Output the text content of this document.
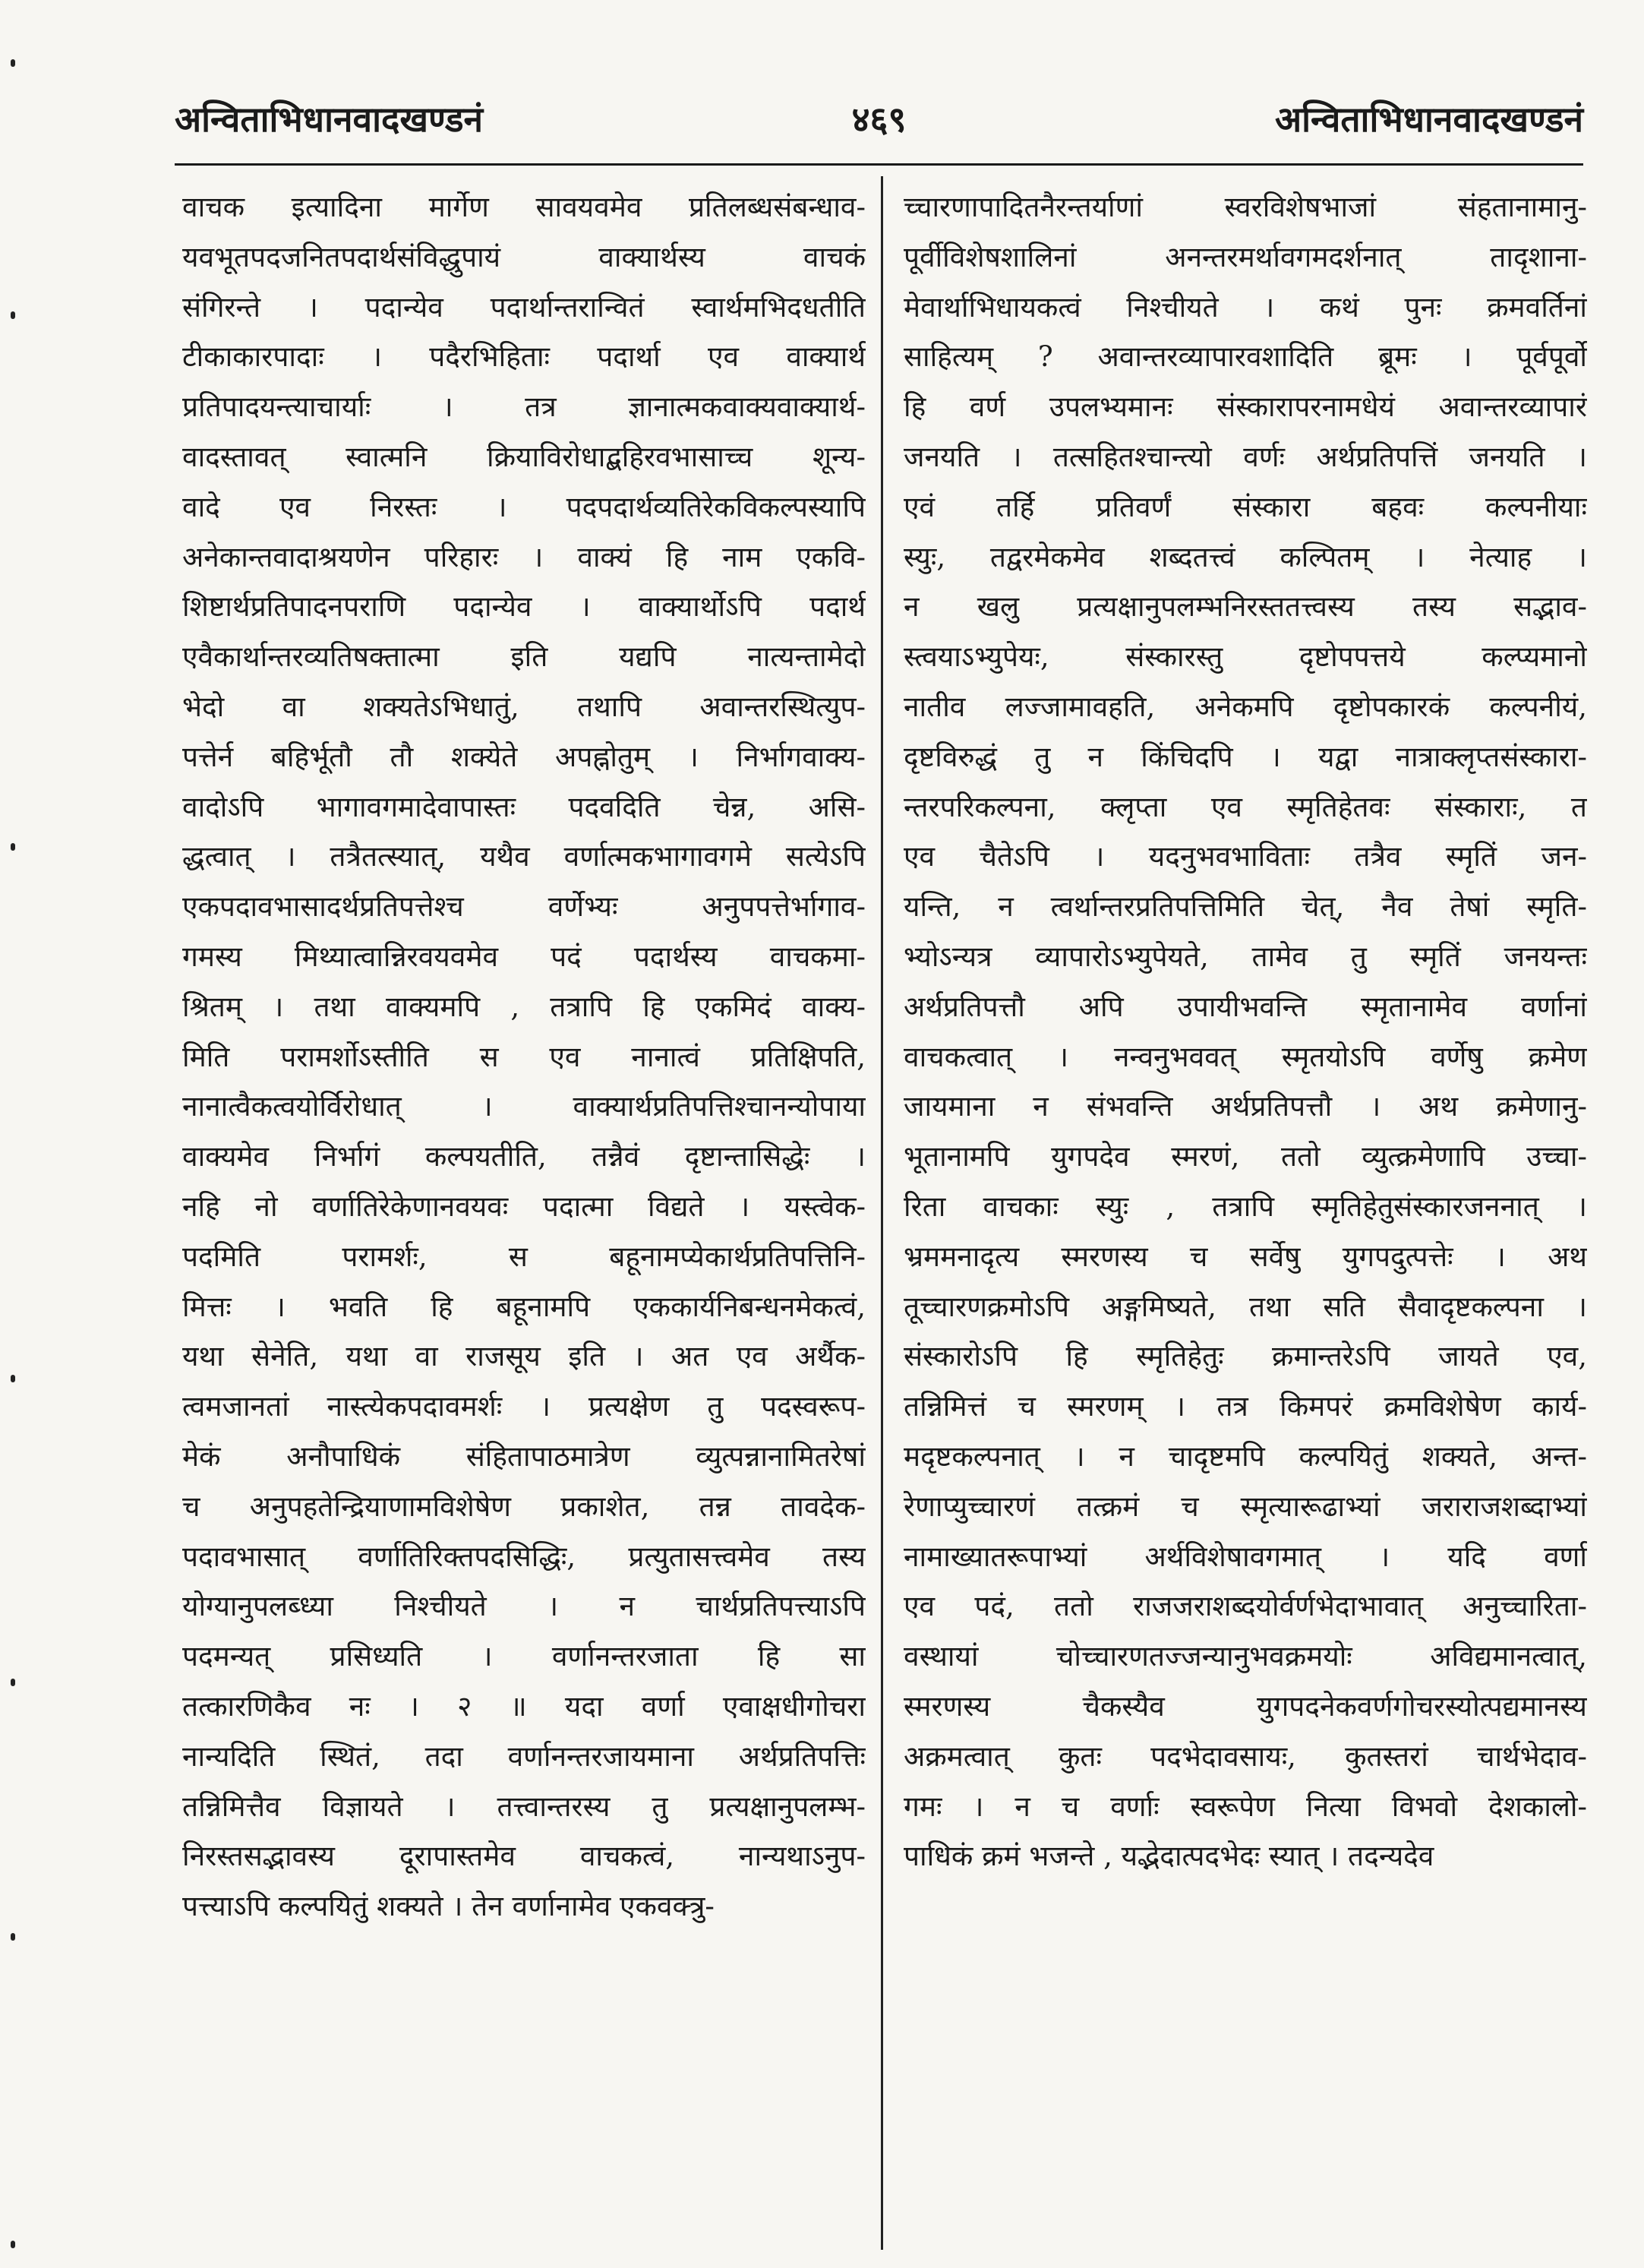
अन्विताभिधानवादखण्डनं	४६९	अन्विताभिधानवादखण्डनं
वाचक इत्यादिना मार्गेण सावयवमेव प्रतिलब्धसंबन्धाव-
यवभूतपदजनितपदार्थसंविद्धुपायं वाक्यार्थस्य वाचकं
संगिरन्ते । पदान्येव पदार्थान्तरान्वितं स्वार्थमभिदधतीति
टीकाकारपादाः । पदैरभिहिताः पदार्था एव वाक्यार्थ
प्रतिपादयन्त्याचार्याः । तत्र ज्ञानात्मकवाक्यवाक्यार्थ-
वादस्तावत् स्वात्मनि क्रियाविरोधाद्बहिरवभासाच्च शून्य-
वादे एव निरस्तः । पदपदार्थव्यतिरेकविकल्पस्यापि
अनेकान्तवादाश्रयणेन परिहारः । वाक्यं हि नाम एकवि-
शिष्टार्थप्रतिपादनपराणि पदान्येव । वाक्यार्थोऽपि पदार्थ
एवैकार्थान्तरव्यतिषक्तात्मा इति यद्यपि नात्यन्तामेदो
भेदो वा शक्यतेऽभिधातुं, तथापि अवान्तरस्थित्युप-
पत्तेर्न बहिर्भूतौ तौ शक्येते अपह्नोतुम् । निर्भागवाक्य-
वादोऽपि भागावगमादेवापास्तः पदवदिति चेन्न, असि-
द्धत्वात् । तत्रैतत्स्यात्, यथैव वर्णात्मकभागावगमे सत्येऽपि
एकपदावभासादर्थप्रतिपत्तेश्च वर्णेभ्यः अनुपपत्तेर्भागाव-
गमस्य मिथ्यात्वान्निरवयवमेव पदं पदार्थस्य वाचकमा-
श्रितम् । तथा वाक्यमपि , तत्रापि हि एकमिदं वाक्य-
मिति परामर्शोऽस्तीति स एव नानात्वं प्रतिक्षिपति,
नानात्वैकत्वयोर्विरोधात् । वाक्यार्थप्रतिपत्तिश्चानन्योपाया
वाक्यमेव निर्भागं कल्पयतीति, तन्नैवं दृष्टान्तासिद्धेः ।
नहि नो वर्णातिरेकेणानवयवः पदात्मा विद्यते । यस्त्वेक-
पदमिति परामर्शः, स बहूनामप्येकार्थप्रतिपत्तिनि-
मित्तः । भवति हि बहूनामपि एककार्यनिबन्धनमेकत्वं,
यथा सेनेति, यथा वा राजसूय इति । अत एव अर्थैक-
त्वमजानतां नास्त्येकपदावमर्शः । प्रत्यक्षेण तु पदस्वरूप-
मेकं अनौपाधिकं संहितापाठमात्रेण व्युत्पन्नानामितरेषां
च अनुपहतेन्द्रियाणामविशेषेण प्रकाशेत, तन्न तावदेक-
पदावभासात् वर्णातिरिक्तपदसिद्धिः, प्रत्युतासत्त्वमेव तस्य
योग्यानुपलब्ध्या निश्चीयते । न चार्थप्रतिपत्त्याऽपि
पदमन्यत् प्रसिध्यति । वर्णानन्तरजाता हि सा
तत्कारणिकैव नः । २ ॥ यदा वर्णा एवाक्षधीगोचरा
नान्यदिति स्थितं, तदा वर्णानन्तरजायमाना अर्थप्रतिपत्तिः
तन्निमित्तैव विज्ञायते । तत्त्वान्तरस्य तु प्रत्यक्षानुपलम्भ-
निरस्तसद्भावस्य दूरापास्तमेव वाचकत्वं, नान्यथाऽनुप-
पत्त्याऽपि कल्पयितुं शक्यते । तेन वर्णानामेव एकवक्त्रु-
च्चारणापादितनैरन्तर्याणां स्वरविशेषभाजां संहतानामानु-
पूर्वीविशेषशालिनां अनन्तरमर्थावगमदर्शनात् तादृशाना-
मेवार्थाभिधायकत्वं निश्चीयते । कथं पुनः क्रमवर्तिनां
साहित्यम् ? अवान्तरव्यापारवशादिति ब्रूमः । पूर्वपूर्वो
हि वर्ण उपलभ्यमानः संस्कारापरनामधेयं अवान्तरव्यापारं
जनयति । तत्सहितश्चान्त्यो वर्णः अर्थप्रतिपत्तिं जनयति ।
एवं तर्हि प्रतिवर्णं संस्कारा बहवः कल्पनीयाः
स्युः, तद्वरमेकमेव शब्दतत्त्वं कल्पितम् । नेत्याह ।
न खलु प्रत्यक्षानुपलम्भनिरस्ततत्त्वस्य तस्य सद्भाव-
स्त्वयाऽभ्युपेयः, संस्कारस्तु दृष्टोपपत्तये कल्प्यमानो
नातीव लज्जामावहति, अनेकमपि दृष्टोपकारकं कल्पनीयं,
दृष्टविरुद्धं तु न किंचिदपि । यद्वा नात्राक्लृप्तसंस्कारा-
न्तरपरिकल्पना, क्लृप्ता एव स्मृतिहेतवः संस्काराः, त
एव चैतेऽपि । यदनुभवभाविताः तत्रैव स्मृतिं जन-
यन्ति, न त्वर्थान्तरप्रतिपत्तिमिति चेत्, नैव तेषां स्मृति-
भ्योऽन्यत्र व्यापारोऽभ्युपेयते, तामेव तु स्मृतिं जनयन्तः
अर्थप्रतिपत्तौ अपि उपायीभवन्ति स्मृतानामेव वर्णानां
वाचकत्वात् । नन्वनुभववत् स्मृतयोऽपि वर्णेषु क्रमेण
जायमाना न संभवन्ति अर्थप्रतिपत्तौ । अथ क्रमेणानु-
भूतानामपि युगपदेव स्मरणं, ततो व्युत्क्रमेणापि उच्चा-
रिता वाचकाः स्युः , तत्रापि स्मृतिहेतुसंस्कारजननात् ।
भ्रममनादृत्य स्मरणस्य च सर्वेषु युगपदुत्पत्तेः । अथ
तूच्चारणक्रमोऽपि अङ्गमिष्यते, तथा सति सैवादृष्टकल्पना ।
संस्कारोऽपि हि स्मृतिहेतुः क्रमान्तरेऽपि जायते एव,
तन्निमित्तं च स्मरणम् । तत्र किमपरं क्रमविशेषेण कार्य-
मदृष्टकल्पनात् । न चादृष्टमपि कल्पयितुं शक्यते, अन्त-
रेणाप्युच्चारणं तत्क्रमं च स्मृत्यारूढाभ्यां जराराजशब्दाभ्यां
नामाख्यातरूपाभ्यां अर्थविशेषावगमात् । यदि वर्णा
एव पदं, ततो राजजराशब्दयोर्वर्णभेदाभावात् अनुच्चारिता-
वस्थायां चोच्चारणतज्जन्यानुभवक्रमयोः अविद्यमानत्वात्,
स्मरणस्य चैकस्यैव युगपदनेकवर्णगोचरस्योत्पद्यमानस्य
अक्रमत्वात् कुतः पदभेदावसायः, कुतस्तरां चार्थभेदाव-
गमः । न च वर्णाः स्वरूपेण नित्या विभवो देशकालो-
पाधिकं क्रमं भजन्ते , यद्भेदात्पदभेदः स्यात् । तदन्यदेव
